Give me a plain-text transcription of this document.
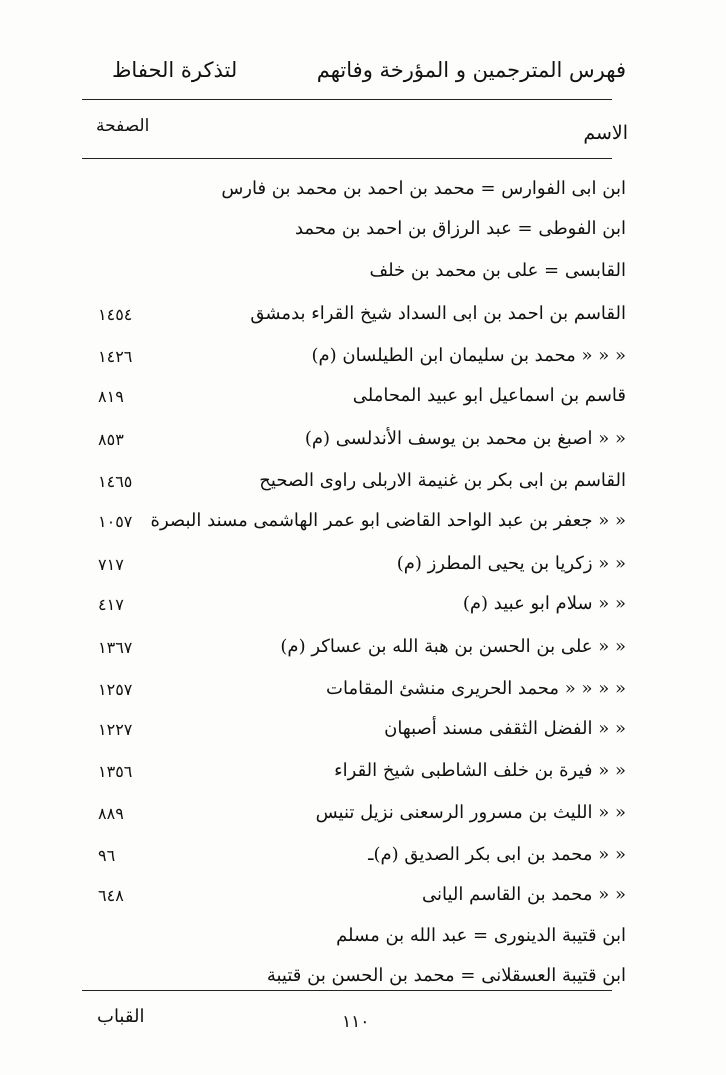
فهرس المترجمين و المؤرخة وفاتهم
لتذكرة الحفاظ
الاسم
الصفحة
ابن ابى الفوارس = محمد بن احمد بن محمد بن فارس
ابن الفوطى = عبد الرزاق بن احمد بن محمد
القابسى = على بن محمد بن خلف
القاسم بن احمد بن ابى السداد شيخ القراء بدمشق
١٤٥٤
« « « محمد بن سليمان ابن الطيلسان (م)
١٤٢٦
قاسم بن اسماعيل ابو عبيد المحاملى
٨١٩
« « اصبغ بن محمد بن يوسف الأندلسى (م)
٨٥٣
القاسم بن ابى بكر بن غنيمة الاربلى راوى الصحيح
١٤٦٥
« « جعفر بن عبد الواحد القاضى ابو عمر الهاشمى مسند البصرة
١٠٥٧
« « زكريا بن يحيى المطرز (م)
٧١٧
« « سلام ابو عبيد (م)
٤١٧
« « على بن الحسن بن هبة الله بن عساكر (م)
١٣٦٧
« « « « محمد الحريرى منشئ المقامات
١٢٥٧
« « الفضل الثقفى مسند أصبهان
١٢٢٧
« « فيرة بن خلف الشاطبى شيخ القراء
١٣٥٦
« « الليث بن مسرور الرسعنى نزيل تنيس
٨٨٩
« « محمد بن ابى بكر الصديق (م)ـ
٩٦
« « محمد بن القاسم اليانى
٦٤٨
ابن قتيبة الدينورى = عبد الله بن مسلم
ابن قتيبة العسقلانى = محمد بن الحسن بن قتيبة
القباب	١١٠
